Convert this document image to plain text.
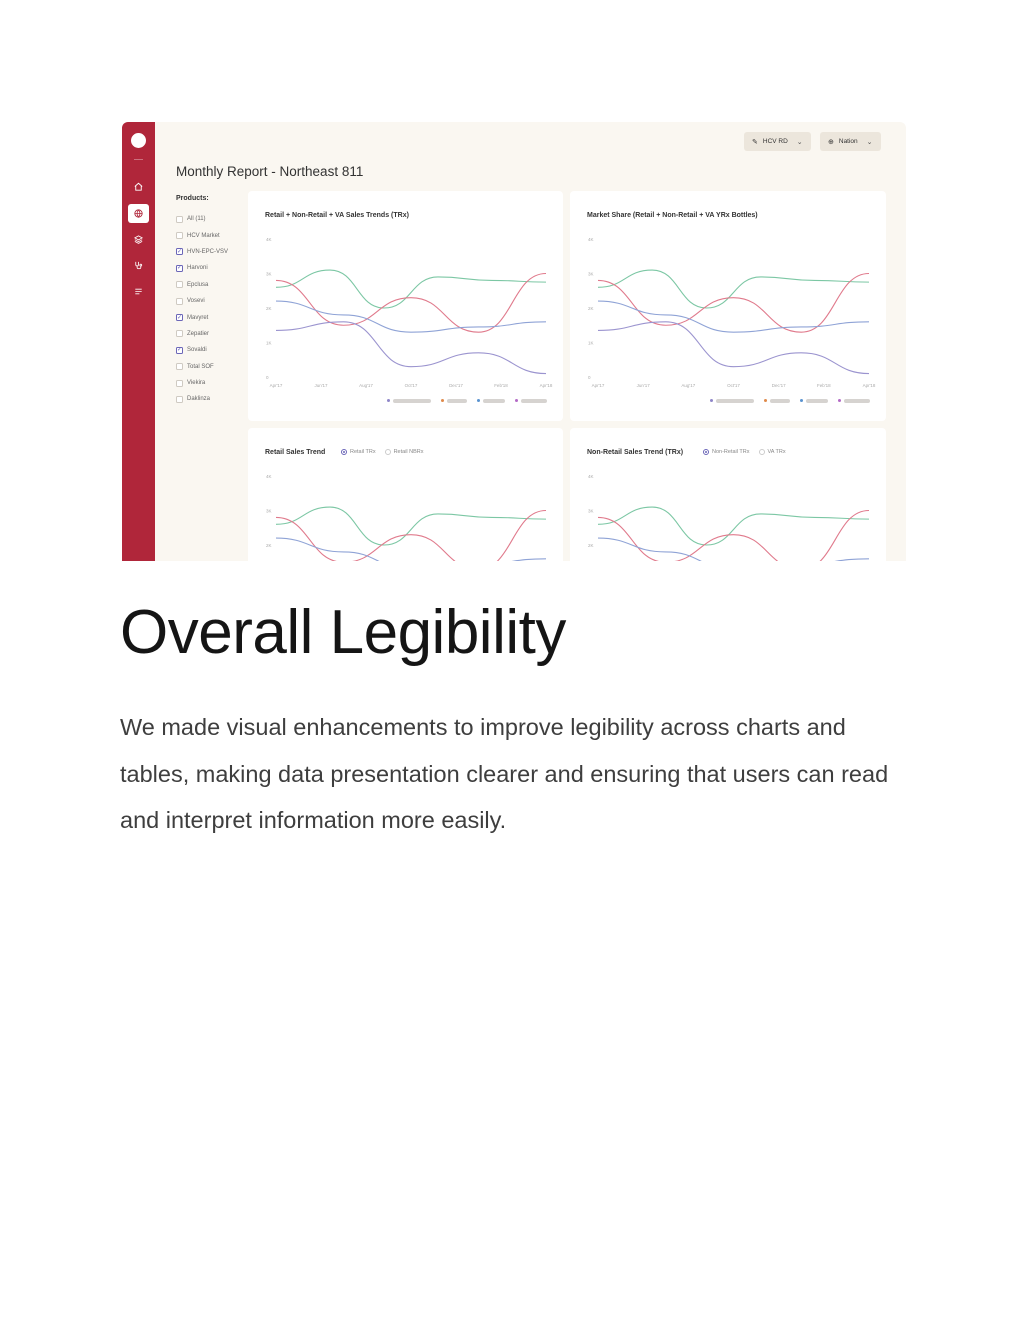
✎ HCV RD ⌄	⊕ Nation ⌄
Monthly Report - Northeast 811
Products:
All (11)
HCV Market
✓ HVN-EPC-VSV
✓ Harvoni
Epclusa
Vosevi
✓ Mavyret
Zepatier
✓ Sovaldi
Total SOF
Viekira
Daklinza
0
1K
2K
3K
4K
Apr'17	Jun'17	Aug'17	Oct'17	Dec'17	Feb'18	Apr'18
Retail + Non-Retail + VA Sales Trends (TRx)
0
1K
2K
3K
4K
Apr'17	Jun'17	Aug'17	Oct'17	Dec'17	Feb'18	Apr'18
Market Share (Retail + Non-Retail + VA YRx Bottles)
2K
3K
4K
Retail Sales Trend	Retail TRx	Retail NBRx
2K
3K
4K
Non-Retail Sales Trend (TRx)	Non-Retail TRx	VA TRx
Overall Legibility

We made visual enhancements to improve legibility across charts and tables, making data presentation clearer and ensuring that users can read and interpret information more easily.
